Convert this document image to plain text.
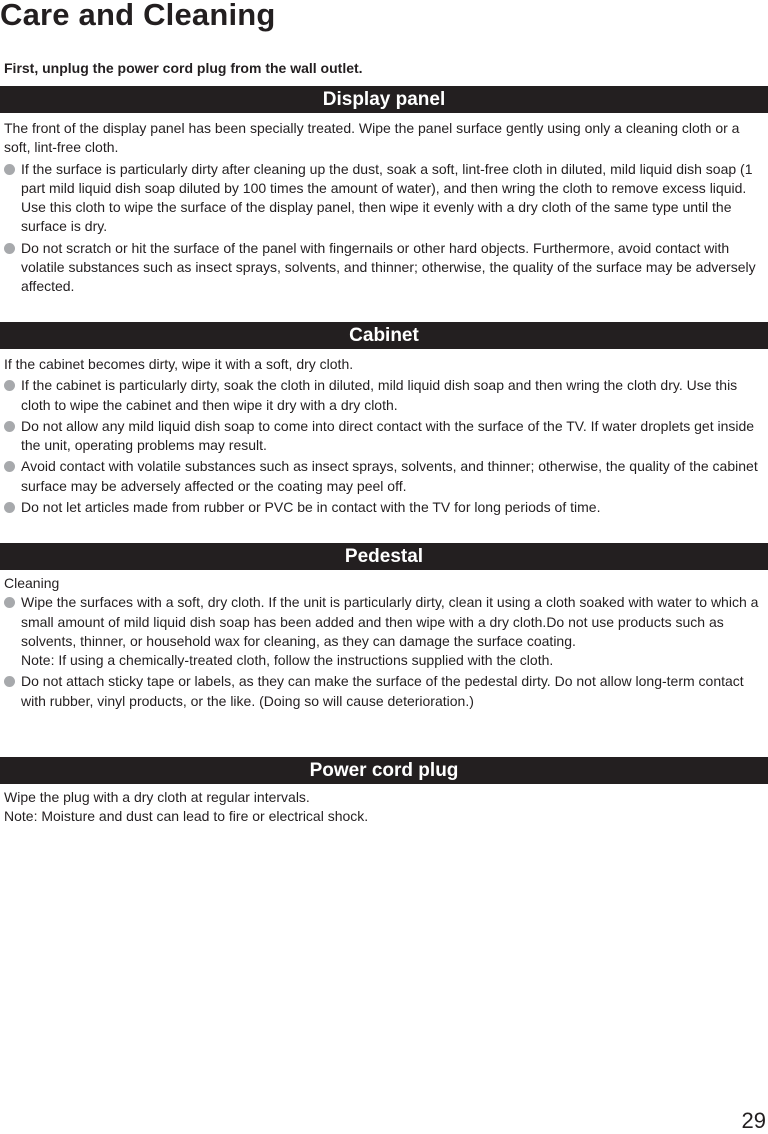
Care and Cleaning

First, unplug the power cord plug from the wall outlet.

Display panel

The front of the display panel has been specially treated. Wipe the panel surface gently using only a cleaning cloth or a soft, lint-free cloth.

If the surface is particularly dirty after cleaning up the dust, soak a soft, lint-free cloth in diluted, mild liquid dish soap (1 part mild liquid dish soap diluted by 100 times the amount of water), and then wring the cloth to remove excess liquid. Use this cloth to wipe the surface of the display panel, then wipe it evenly with a dry cloth of the same type until the surface is dry.
Do not scratch or hit the surface of the panel with fingernails or other hard objects. Furthermore, avoid contact with volatile substances such as insect sprays, solvents, and thinner; otherwise, the quality of the surface may be adversely affected.
Cabinet

If the cabinet becomes dirty, wipe it with a soft, dry cloth.

If the cabinet is particularly dirty, soak the cloth in diluted, mild liquid dish soap and then wring the cloth dry. Use this cloth to wipe the cabinet and then wipe it dry with a dry cloth.
Do not allow any mild liquid dish soap to come into direct contact with the surface of the TV. If water droplets get inside the unit, operating problems may result.
Avoid contact with volatile substances such as insect sprays, solvents, and thinner; otherwise, the quality of the cabinet surface may be adversely affected or the coating may peel off.
Do not let articles made from rubber or PVC be in contact with the TV for long periods of time.
Pedestal

Cleaning

Wipe the surfaces with a soft, dry cloth. If the unit is particularly dirty, clean it using a cloth soaked with water to which a small amount of mild liquid dish soap has been added and then wipe with a dry cloth.Do not use products such as solvents, thinner, or household wax for cleaning, as they can damage the surface coating.
Note: If using a chemically-treated cloth, follow the instructions supplied with the cloth.
Do not attach sticky tape or labels, as they can make the surface of the pedestal dirty. Do not allow long-term contact with rubber, vinyl products, or the like. (Doing so will cause deterioration.)
Power cord plug

Wipe the plug with a dry cloth at regular intervals.

Note: Moisture and dust can lead to fire or electrical shock.

29
